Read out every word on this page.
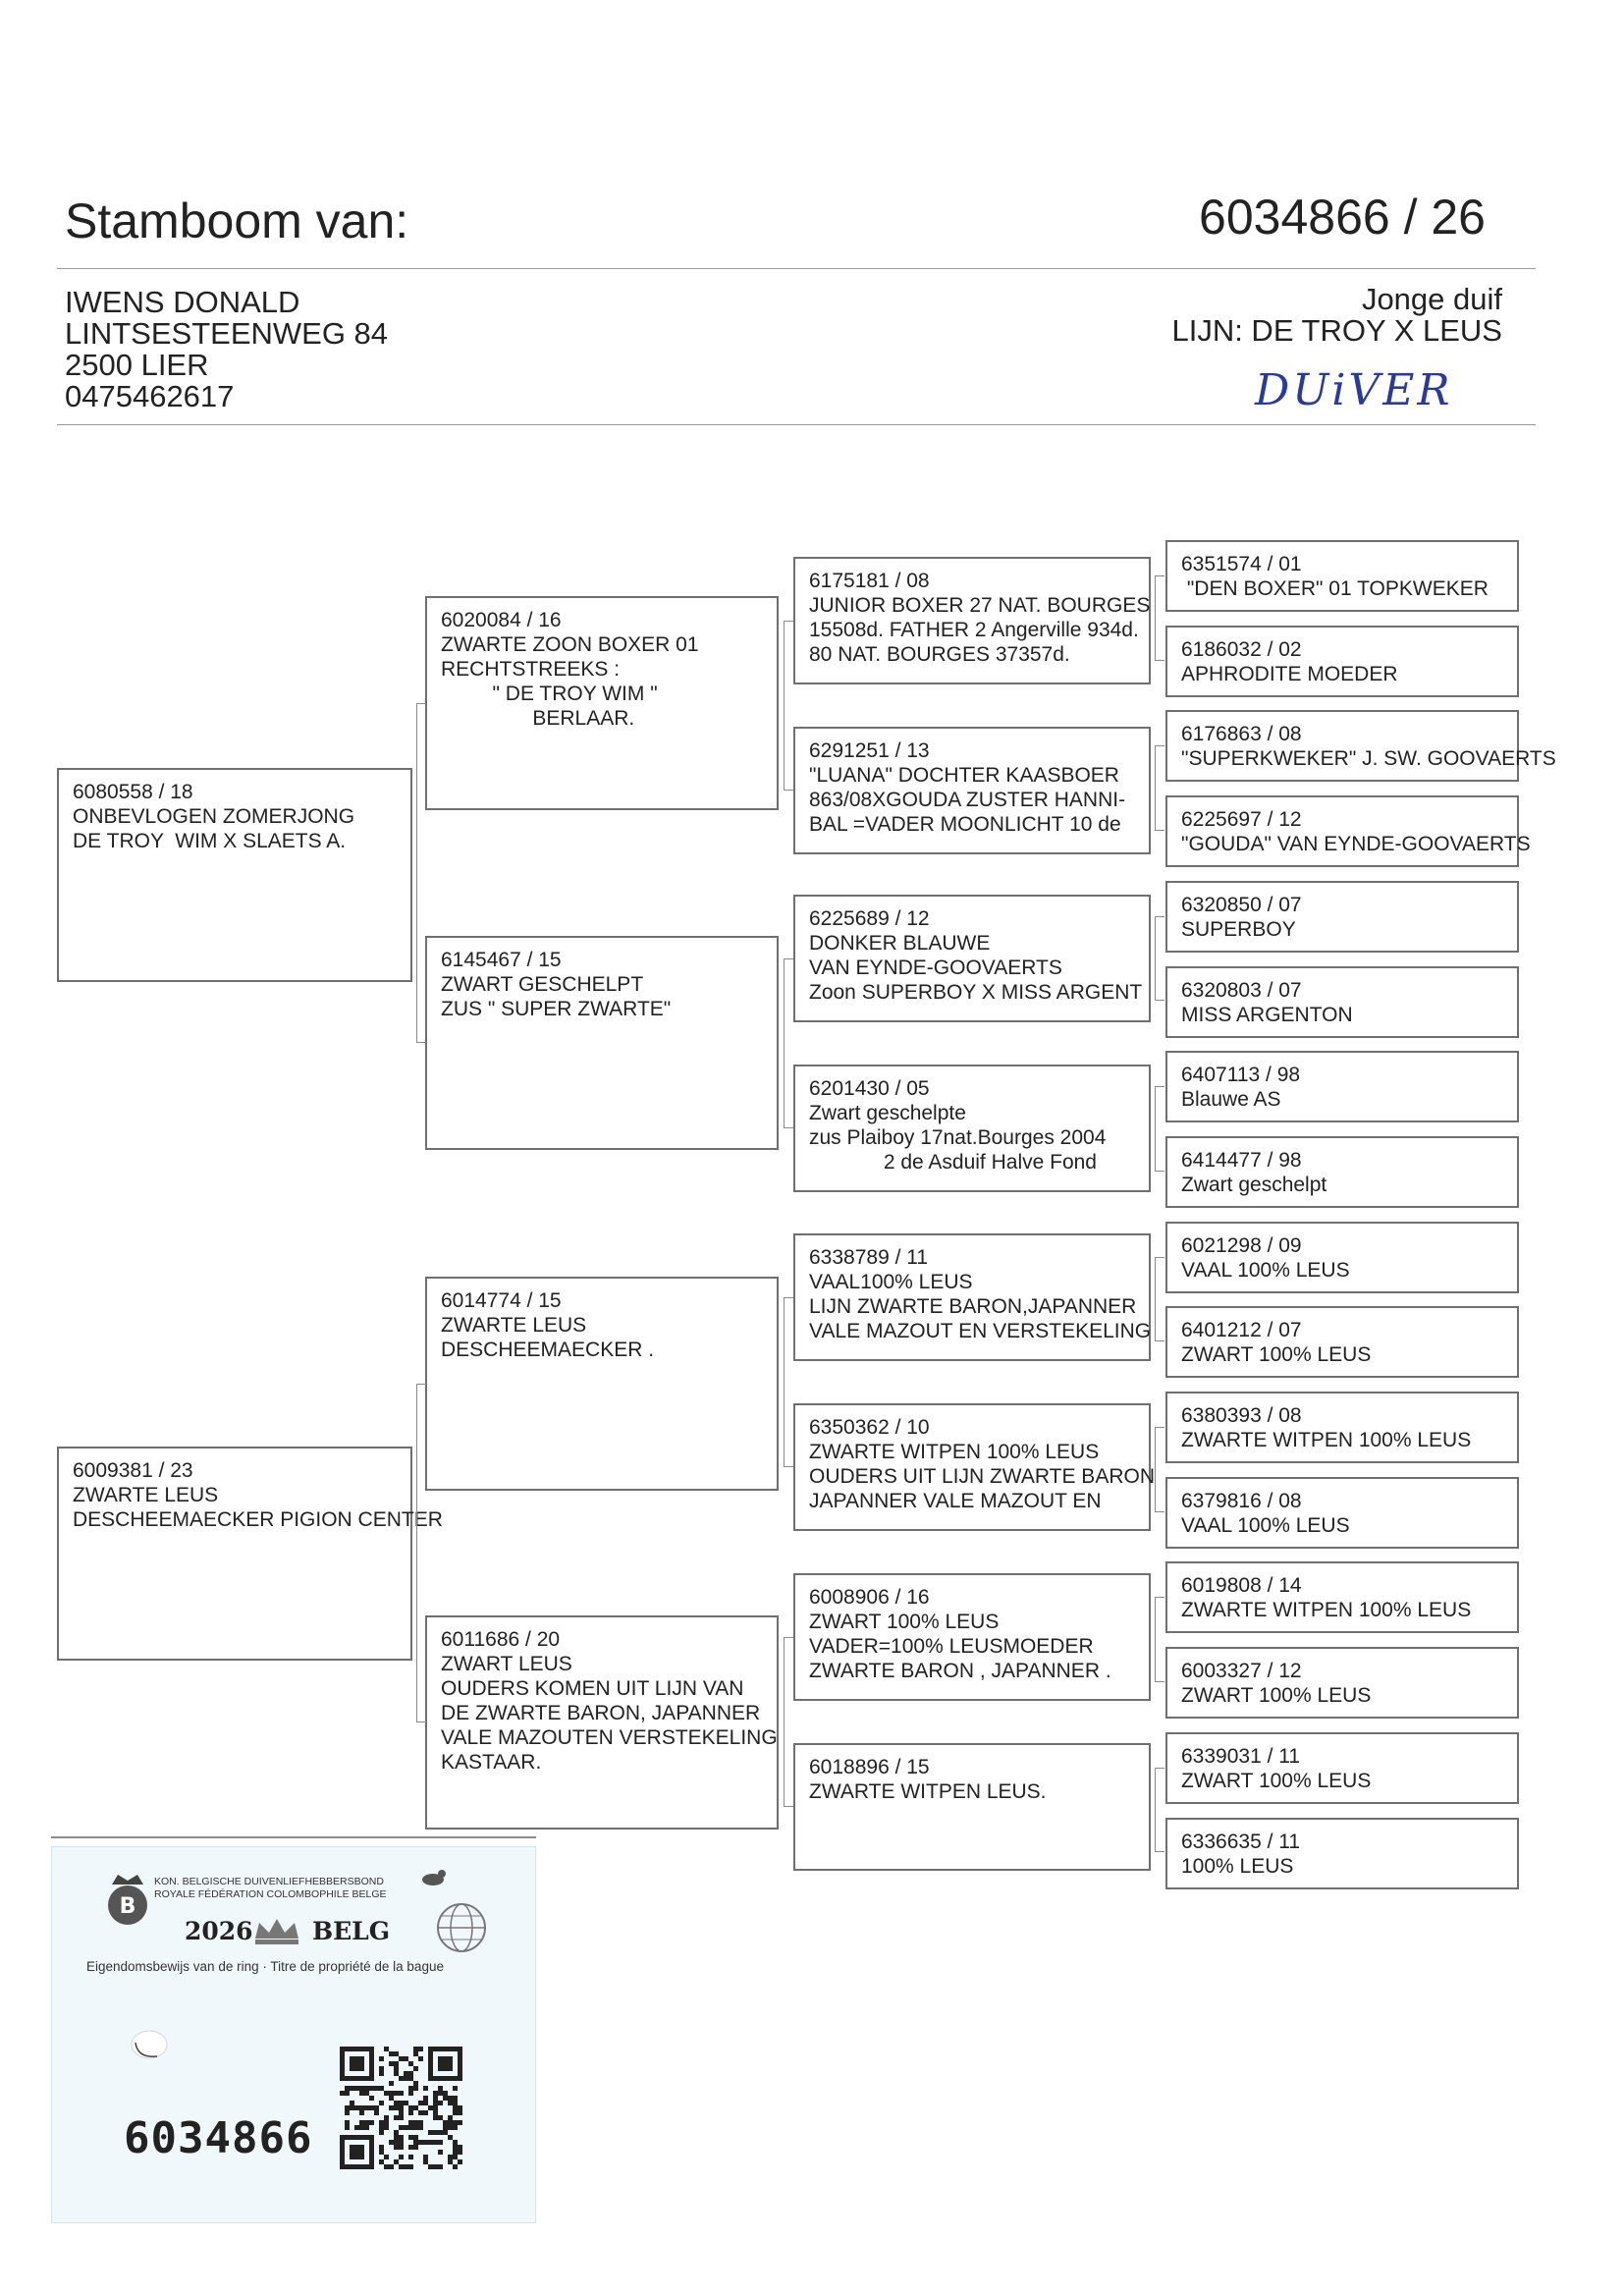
Stamboom van:	6034866 / 26
IWENS DONALD
LINTSESTEENWEG 84
2500 LIER
0475462617
Jonge duif
LIJN: DE TROY X LEUS
DUiVER
6080558 / 18
ONBEVLOGEN ZOMERJONG
DE TROY  WIM X SLAETS A.
6009381 / 23
ZWARTE LEUS
DESCHEEMAECKER PIGION CENTER
6020084 / 16
ZWARTE ZOON BOXER 01
RECHTSTREEKS :
" DE TROY WIM "
BERLAAR.
6145467 / 15
ZWART GESCHELPT
ZUS " SUPER ZWARTE"
6014774 / 15
ZWARTE LEUS
DESCHEEMAECKER .
6011686 / 20
ZWART LEUS
OUDERS KOMEN UIT LIJN VAN
DE ZWARTE BARON, JAPANNER
VALE MAZOUTEN VERSTEKELING
KASTAAR.
6175181 / 08
JUNIOR BOXER 27 NAT. BOURGES
15508d. FATHER 2 Angerville 934d.
80 NAT. BOURGES 37357d.
6291251 / 13
"LUANA" DOCHTER KAASBOER
863/08XGOUDA ZUSTER HANNI-
BAL =VADER MOONLICHT 10 de
6225689 / 12
DONKER BLAUWE
VAN EYNDE-GOOVAERTS
Zoon SUPERBOY X MISS ARGENT
6201430 / 05
Zwart geschelpte
zus Plaiboy 17nat.Bourges 2004
2 de Asduif Halve Fond
6338789 / 11
VAAL100% LEUS
LIJN ZWARTE BARON,JAPANNER
VALE MAZOUT EN VERSTEKELING
6350362 / 10
ZWARTE WITPEN 100% LEUS
OUDERS UIT LIJN ZWARTE BARON
JAPANNER VALE MAZOUT EN
6008906 / 16
ZWART 100% LEUS
VADER=100% LEUSMOEDER
ZWARTE BARON , JAPANNER .
6018896 / 15
ZWARTE WITPEN LEUS.
6351574 / 01
"DEN BOXER" 01 TOPKWEKER
6186032 / 02
APHRODITE MOEDER
6176863 / 08
"SUPERKWEKER" J. SW. GOOVAERTS
6225697 / 12
"GOUDA" VAN EYNDE-GOOVAERTS
6320850 / 07
SUPERBOY
6320803 / 07
MISS ARGENTON
6407113 / 98
Blauwe AS
6414477 / 98
Zwart geschelpt
6021298 / 09
VAAL 100% LEUS
6401212 / 07
ZWART 100% LEUS
6380393 / 08
ZWARTE WITPEN 100% LEUS
6379816 / 08
VAAL 100% LEUS
6019808 / 14
ZWARTE WITPEN 100% LEUS
6003327 / 12
ZWART 100% LEUS
6339031 / 11
ZWART 100% LEUS
6336635 / 11
100% LEUS
B
KON. BELGISCHE DUIVENLIEFHEBBERSBOND
ROYALE FÉDÉRATION COLOMBOPHILE BELGE
2026 BELG
Eigendomsbewijs van de ring · Titre de propriété de la bague
6034866
